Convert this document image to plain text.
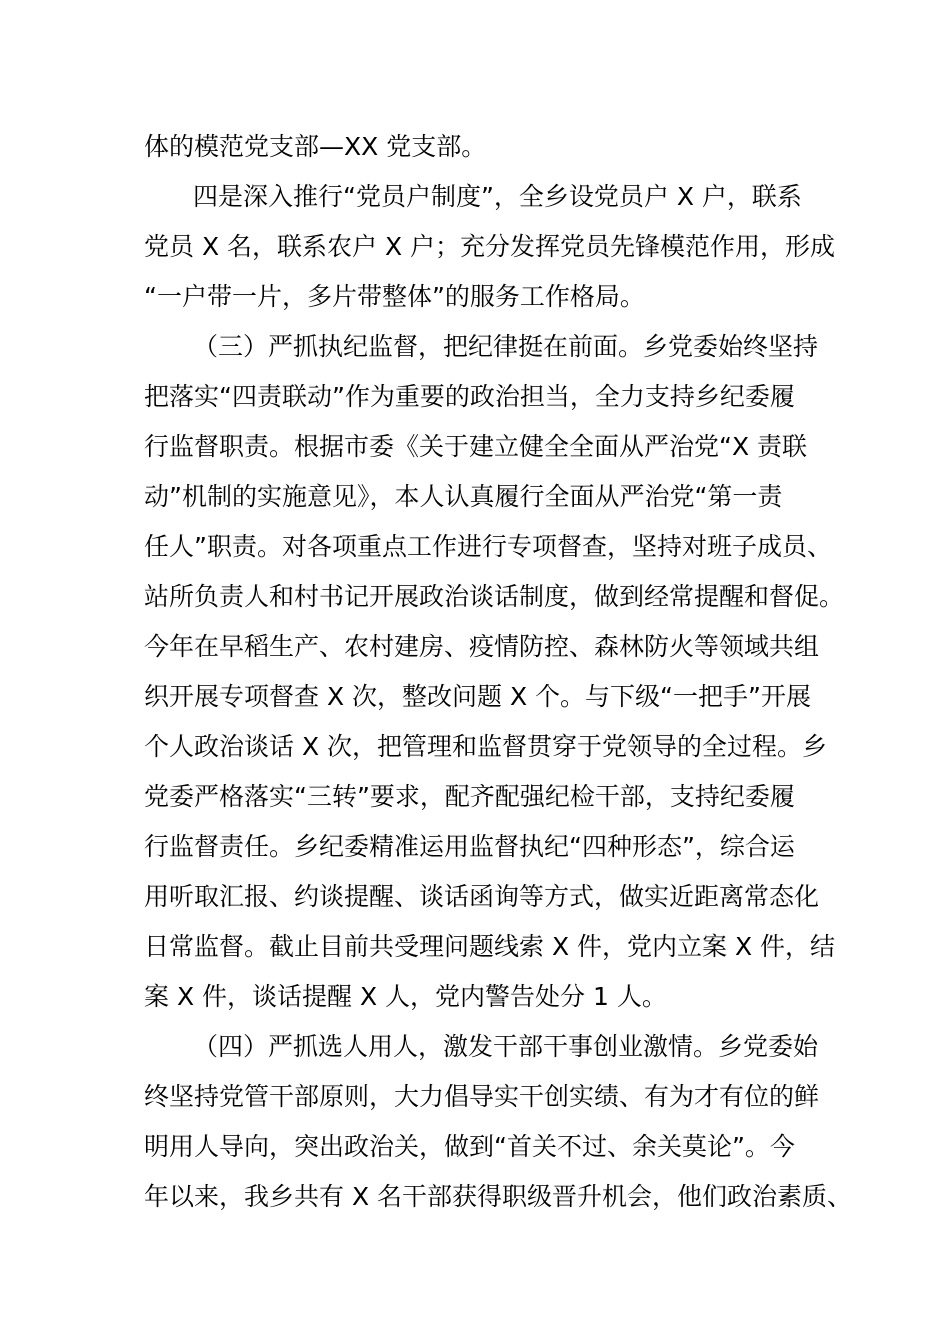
体的模范党支部—XX 党支部。

四是深入推行“党员户制度”，全乡设党员户 X 户，联系

党员 X 名，联系农户 X 户；充分发挥党员先锋模范作用，形成

“一户带一片，多片带整体”的服务工作格局。

（三）严抓执纪监督，把纪律挺在前面。乡党委始终坚持

把落实“四责联动”作为重要的政治担当，全力支持乡纪委履

行监督职责。根据市委《关于建立健全全面从严治党“X 责联

动”机制的实施意见》，本人认真履行全面从严治党“第一责

任人”职责。对各项重点工作进行专项督查，坚持对班子成员、

站所负责人和村书记开展政治谈话制度，做到经常提醒和督促。

今年在早稻生产、农村建房、疫情防控、森林防火等领域共组

织开展专项督查 X 次，整改问题 X 个。与下级“一把手”开展

个人政治谈话 X 次，把管理和监督贯穿于党领导的全过程。乡

党委严格落实“三转”要求，配齐配强纪检干部，支持纪委履

行监督责任。乡纪委精准运用监督执纪“四种形态”，综合运

用听取汇报、约谈提醒、谈话函询等方式，做实近距离常态化

日常监督。截止目前共受理问题线索 X 件，党内立案 X 件，结

案 X 件，谈话提醒 X 人，党内警告处分 1 人。

（四）严抓选人用人，激发干部干事创业激情。乡党委始

终坚持党管干部原则，大力倡导实干创实绩、有为才有位的鲜

明用人导向，突出政治关，做到“首关不过、余关莫论”。今

年以来，我乡共有 X 名干部获得职级晋升机会，他们政治素质、
